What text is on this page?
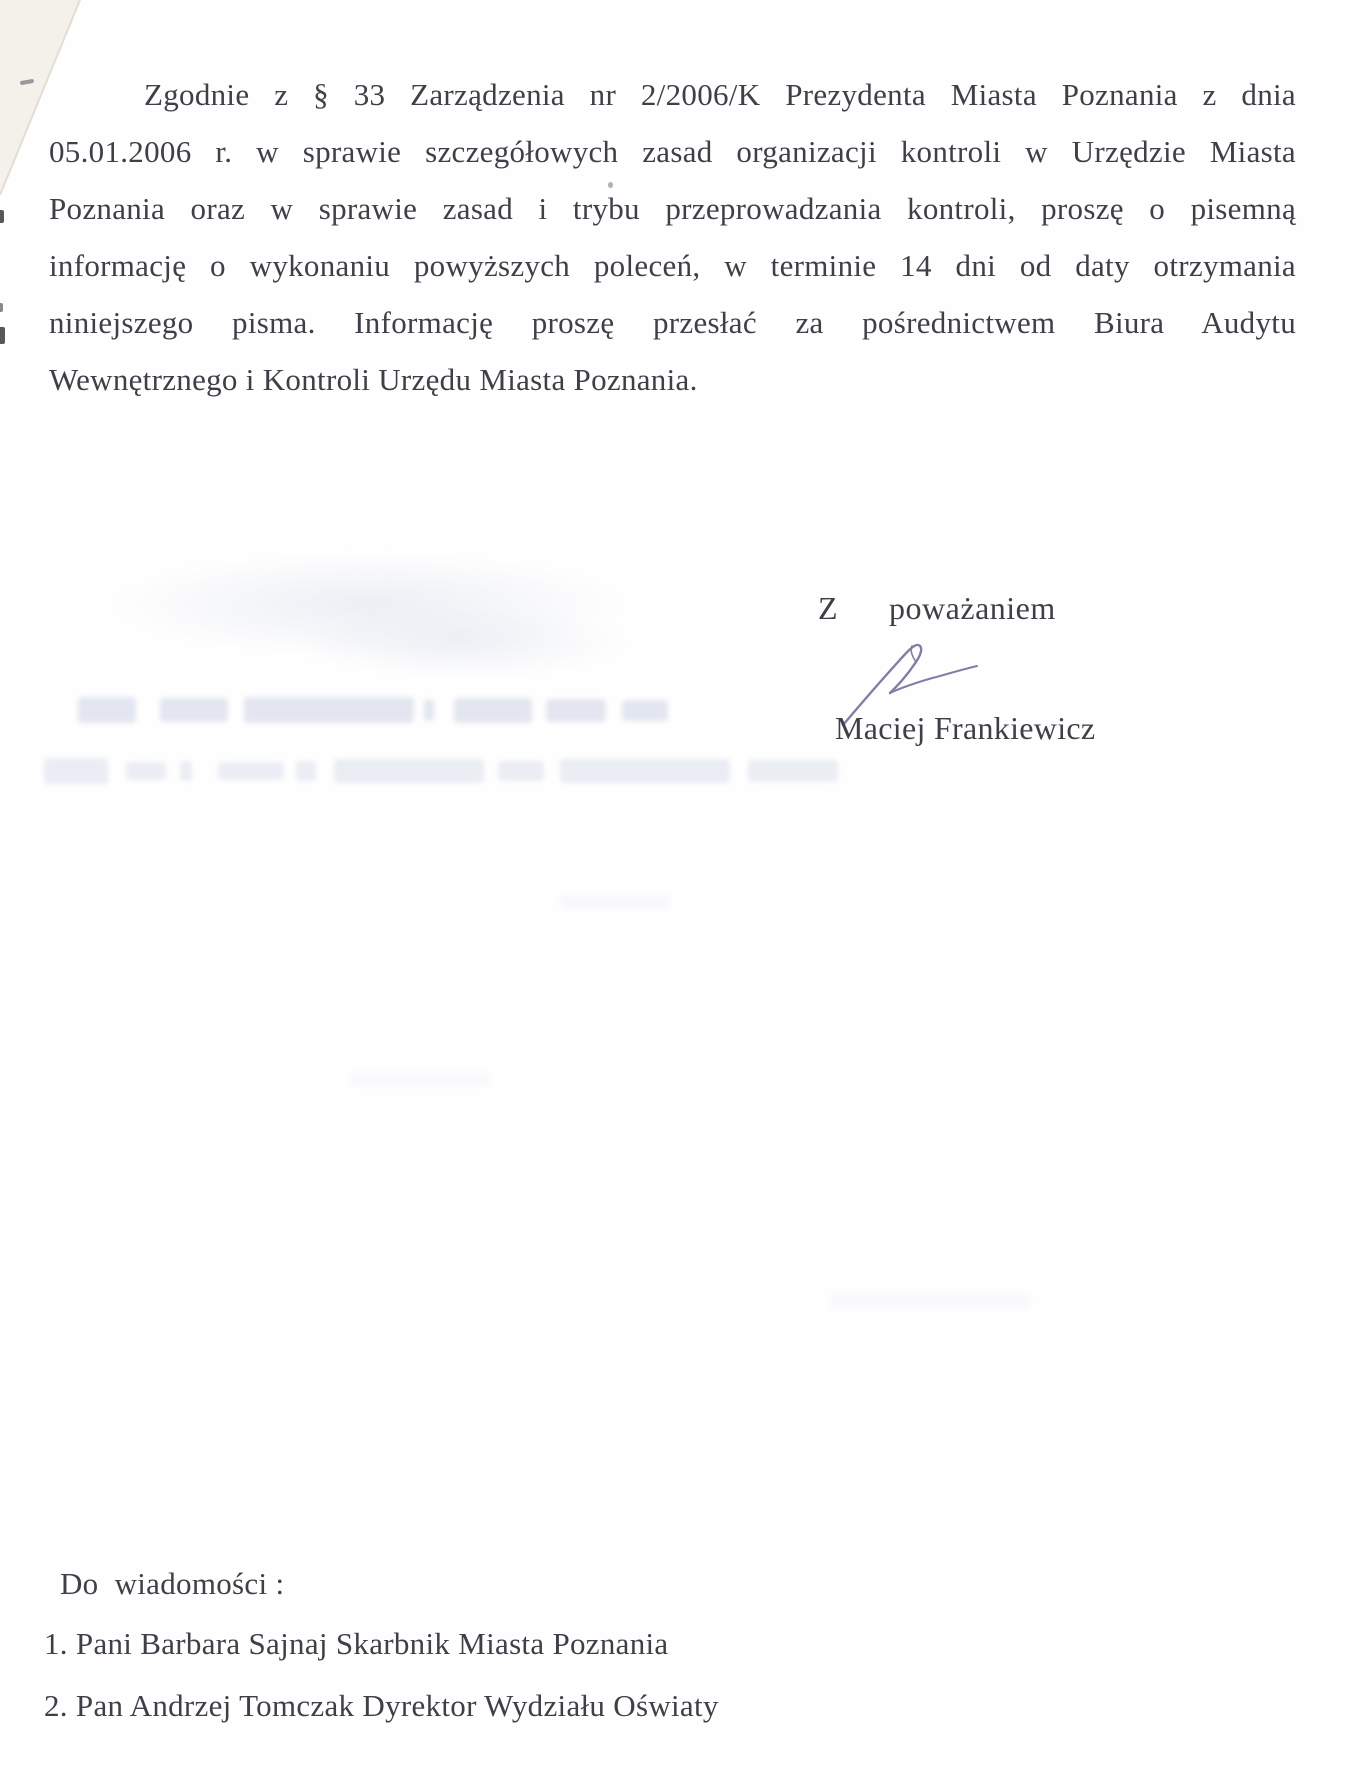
Zgodnie z § 33 Zarządzenia nr 2/2006/K Prezydenta Miasta Poznania z dnia
05.01.2006 r. w sprawie szczegółowych zasad organizacji kontroli w Urzędzie Miasta
Poznania oraz w sprawie zasad i trybu przeprowadzania kontroli, proszę o pisemną
informację o wykonaniu powyższych poleceń, w terminie 14 dni od daty otrzymania
niniejszego pisma. Informację proszę przesłać za pośrednictwem Biura Audytu
Wewnętrznego i Kontroli Urzędu Miasta Poznania.
Z      poważaniem
Maciej Frankiewicz
Do  wiadomości :
1. Pani Barbara Sajnaj Skarbnik Miasta Poznania
2. Pan Andrzej Tomczak Dyrektor Wydziału Oświaty
